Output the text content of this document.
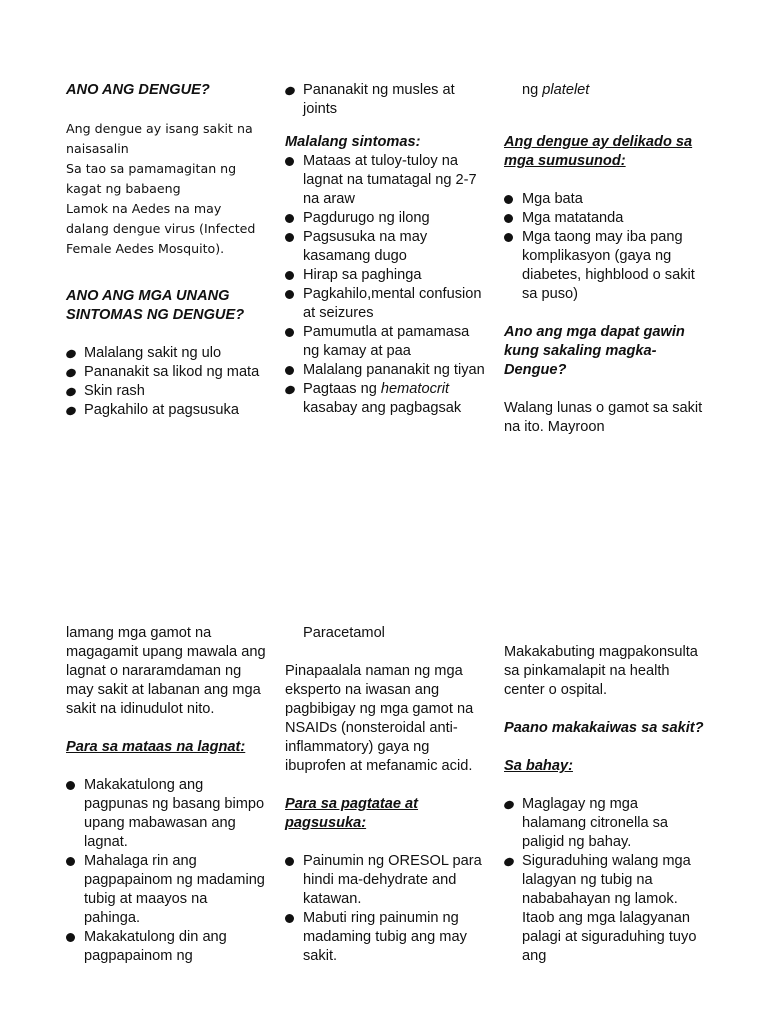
ANO ANG DENGUE?

Ang dengue ay isang sakit na

naisasalin

Sa tao sa pamamagitan ng

kagat ng babaeng

Lamok na Aedes na may

dalang dengue virus (Infected

Female Aedes Mosquito).

ANO ANG MGA UNANG SINTOMAS NG DENGUE?

Malalang sakit ng ulo
Pananakit sa likod ng mata
Skin rash
Pagkahilo at pagsusuka
Pananakit ng musles at joints

Malalang sintomas:

Mataas at tuloy-tuloy na lagnat na tumatagal ng 2-7 na araw
Pagdurugo ng ilong
Pagsusuka na may kasamang dugo
Hirap sa paghinga
Pagkahilo,mental confusion at seizures
Pamumutla at pamamasa ng kamay at paa
Malalang pananakit ng tiyan
Pagtaas ng hematocrit kasabay ang pagbagsak

ng platelet

Ang dengue ay delikado sa mga sumusunod:

Mga bata
Mga matatanda
Mga taong may iba pang komplikasyon (gaya ng diabetes, highblood o sakit sa puso)

Ano ang mga dapat gawin kung sakaling magka- Dengue?

Walang lunas o gamot sa sakit na ito. Mayroon

lamang mga gamot na magagamit upang mawala ang lagnat o nararamdaman ng may sakit at labanan ang mga sakit na idinudulot nito.

Para sa mataas na lagnat:

Makakatulong ang pagpunas ng basang bimpo upang mabawasan ang lagnat.
Mahalaga rin ang pagpapainom ng madaming tubig at maayos na pahinga.
Makakatulong din ang pagpapainom ng

Paracetamol

Pinapaalala naman ng mga eksperto na iwasan ang pagbibigay ng mga gamot na NSAIDs (nonsteroidal anti-inflammatory) gaya ng ibuprofen at mefanamic acid.

Para sa pagtatae at pagsusuka:

Painumin ng ORESOL para hindi ma-dehydrate and katawan.
Mabuti ring painumin ng madaming tubig ang may sakit.

Makakabuting magpakonsulta sa pinkamalapit na health center o ospital.

Paano makakaiwas sa sakit?

Sa bahay:

Maglagay ng mga halamang citronella sa paligid ng bahay.
Siguraduhing walang mga lalagyan ng tubig na nababahayan ng lamok. Itaob ang mga lalagyanan palagi at siguraduhing tuyo ang
